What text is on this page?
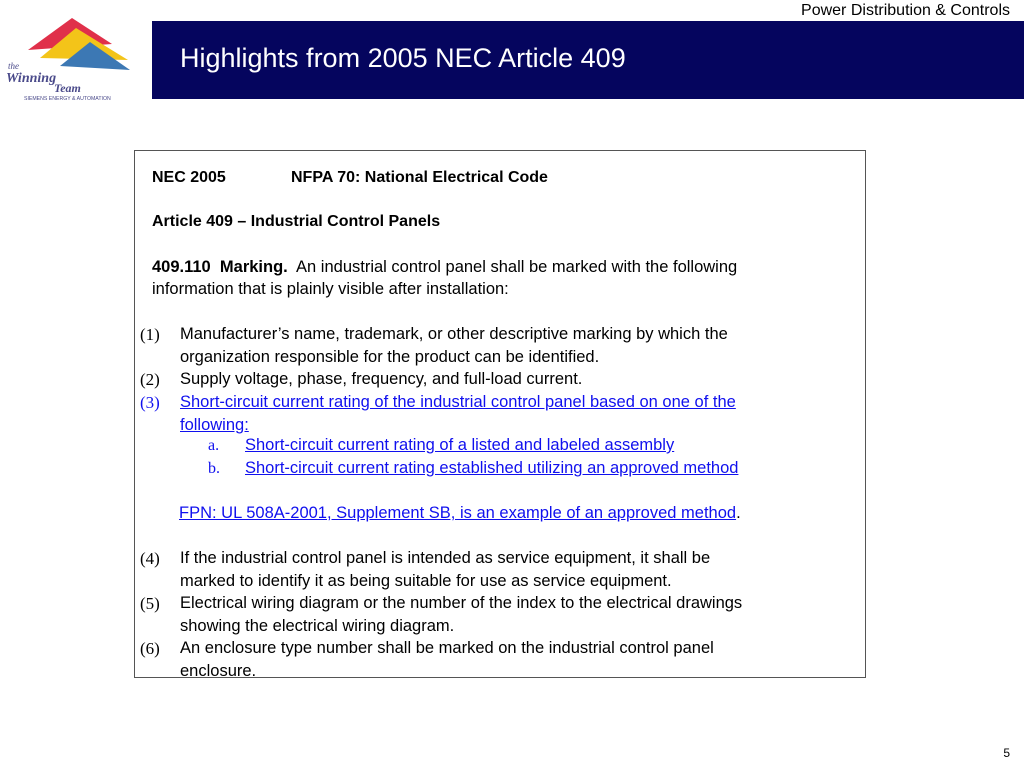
Power Distribution & Controls
the
Winning
Team
SIEMENS ENERGY & AUTOMATION
Highlights from 2005 NEC Article 409
NEC 2005	NFPA 70: National Electrical Code
Article 409 – Industrial Control Panels
409.110 Marking. An industrial control panel shall be marked with the following
information that is plainly visible after installation:
(1) Manufacturer’s name, trademark, or other descriptive marking by which the
organization responsible for the product can be identified.
(2) Supply voltage, phase, frequency, and full-load current.
(3) Short-circuit current rating of the industrial control panel based on one of the
following:
a. Short-circuit current rating of a listed and labeled assembly
b. Short-circuit current rating established utilizing an approved method
FPN: UL 508A-2001, Supplement SB, is an example of an approved method.
(4) If the industrial control panel is intended as service equipment, it shall be
marked to identify it as being suitable for use as service equipment.
(5) Electrical wiring diagram or the number of the index to the electrical drawings
showing the electrical wiring diagram.
(6) An enclosure type number shall be marked on the industrial control panel
enclosure.
5
